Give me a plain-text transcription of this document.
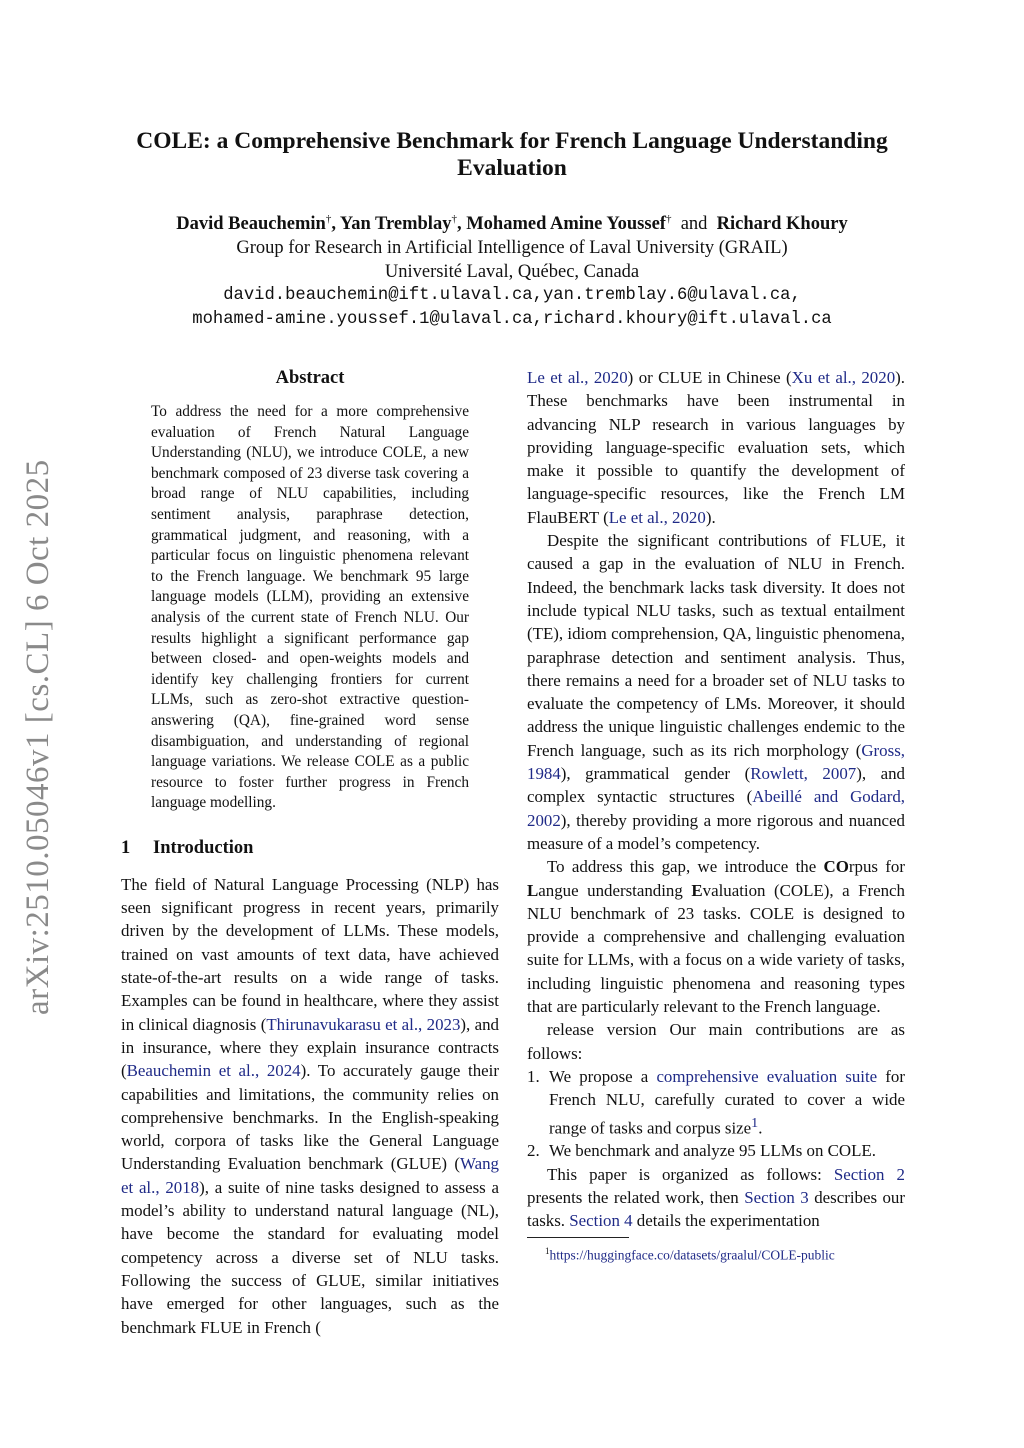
COLE: a Comprehensive Benchmark for French Language Understanding
Evaluation
David Beauchemin†, Yan Tremblay†, Mohamed Amine Youssef† and Richard Khoury
Group for Research in Artificial Intelligence of Laval University (GRAIL)
Université Laval, Québec, Canada
david.beauchemin@ift.ulaval.ca,yan.tremblay.6@ulaval.ca,
mohamed-amine.youssef.1@ulaval.ca,richard.khoury@ift.ulaval.ca
arXiv:2510.05046v1 [cs.CL] 6 Oct 2025
Abstract
To address the need for a more comprehensive evaluation of French Natural Language Understanding (NLU), we introduce COLE, a new benchmark composed of 23 diverse task covering a broad range of NLU capabilities, including sentiment analysis, paraphrase detection, grammatical judgment, and reasoning, with a particular focus on linguistic phenomena relevant to the French language. We benchmark 95 large language models (LLM), providing an extensive analysis of the current state of French NLU. Our results highlight a significant performance gap between closed- and open-weights models and identify key challenging frontiers for current LLMs, such as zero-shot extractive question-answering (QA), fine-grained word sense disambiguation, and understanding of regional language variations. We release COLE as a public resource to foster further progress in French language modelling.
1 Introduction

The field of Natural Language Processing (NLP) has seen significant progress in recent years, primarily driven by the development of LLMs. These models, trained on vast amounts of text data, have achieved state-of-the-art results on a wide range of tasks. Examples can be found in healthcare, where they assist in clinical diagnosis (Thirunavukarasu et al., 2023), and in insurance, where they explain insurance contracts (Beauchemin et al., 2024). To accurately gauge their capabilities and limitations, the community relies on comprehensive benchmarks. In the English-speaking world, corpora of tasks like the General Language Understanding Evaluation benchmark (GLUE) (Wang et al., 2018), a suite of nine tasks designed to assess a model’s ability to understand natural language (NL), have become the standard for evaluating model competency across a diverse set of NLU tasks. Following the success of GLUE, similar initiatives have emerged for other languages, such as the benchmark FLUE in French (

Le et al., 2020) or CLUE in Chinese (Xu et al., 2020). These benchmarks have been instrumental in advancing NLP research in various languages by providing language-specific evaluation sets, which make it possible to quantify the development of language-specific resources, like the French LM FlauBERT (Le et al., 2020).

Despite the significant contributions of FLUE, it caused a gap in the evaluation of NLU in French. Indeed, the benchmark lacks task diversity. It does not include typical NLU tasks, such as textual entailment (TE), idiom comprehension, QA, linguistic phenomena, paraphrase detection and sentiment analysis. Thus, there remains a need for a broader set of NLU tasks to evaluate the competency of LMs. Moreover, it should address the unique linguistic challenges endemic to the French language, such as its rich morphology (Gross, 1984), grammatical gender (Rowlett, 2007), and complex syntactic structures (Abeillé and Godard, 2002), thereby providing a more rigorous and nuanced measure of a model’s competency.

To address this gap, we introduce the COrpus for Langue understanding Evaluation (COLE), a French NLU benchmark of 23 tasks. COLE is designed to provide a comprehensive and challenging evaluation suite for LLMs, with a focus on a wide variety of tasks, including linguistic phenomena and reasoning types that are particularly relevant to the French language.

release version Our main contributions are as follows:

1. We propose a comprehensive evaluation suite for French NLU, carefully curated to cover a wide range of tasks and corpus size$^1$.
2. We benchmark and analyze 95 LLMs on COLE.

This paper is organized as follows: Section 2 presents the related work, then Section 3 describes our tasks. Section 4 details the experimentation

$^1$https://huggingface.co/datasets/graalul/COLE-public
